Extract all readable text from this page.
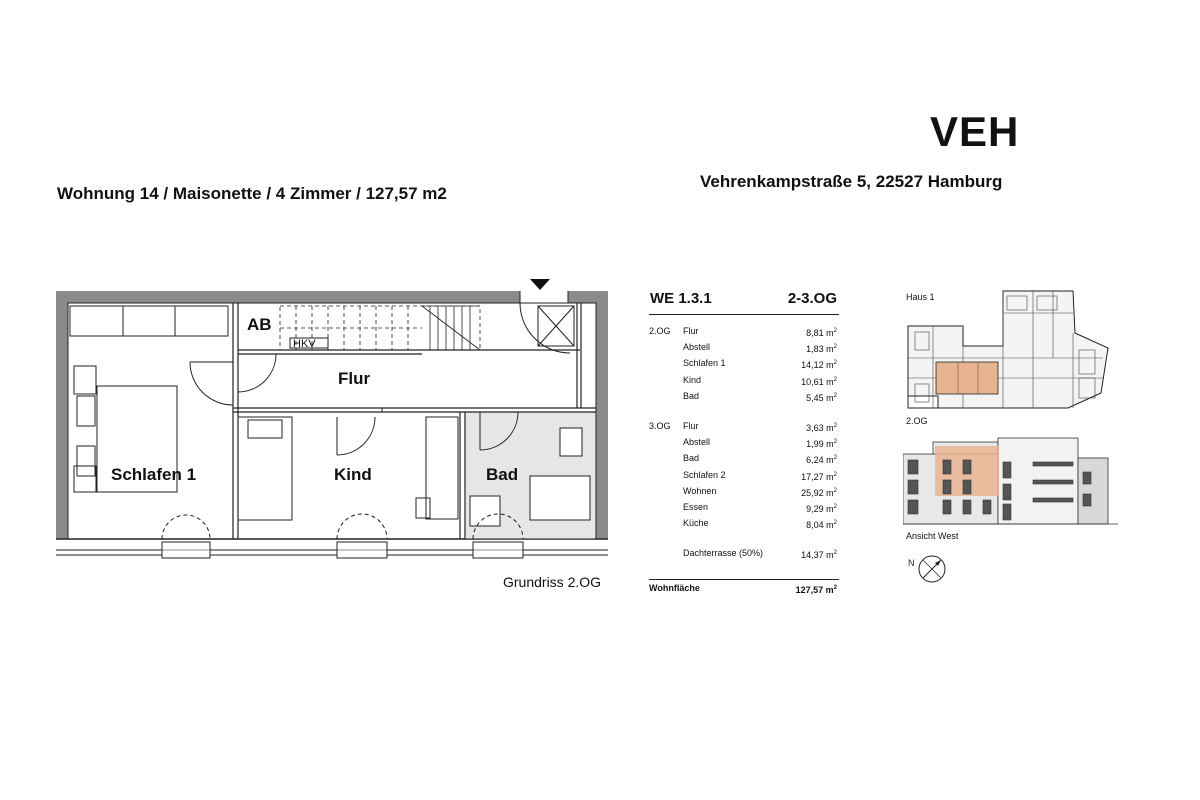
VEH
Vehrenkampstraße 5, 22527 Hamburg
Wohnung 14 / Maisonette / 4 Zimmer / 127,57 m2
AB
HKV
Flur
Schlafen 1	Kind	Bad
Grundriss 2.OG
WE 1.3.1	2-3.OG
2.OG Flur	8,81 $m^2$
Abstell	1,83 $m^2$
Schlafen 1	14,12 $m^2$
Kind	10,61 $m^2$
Bad	5,45 $m^2$
3.OG Flur	3,63 $m^2$
Abstell	1,99 $m^2$
Bad	6,24 $m^2$
Schlafen 2	17,27 $m^2$
Wohnen	25,92 $m^2$
Essen	9,29 $m^2$
Küche	8,04 $m^2$
Dachterrasse (50%)	14,37 $m^2$
Wohnfläche	127,57 $m^2$
Haus 1
2.OG
Ansicht West
N
